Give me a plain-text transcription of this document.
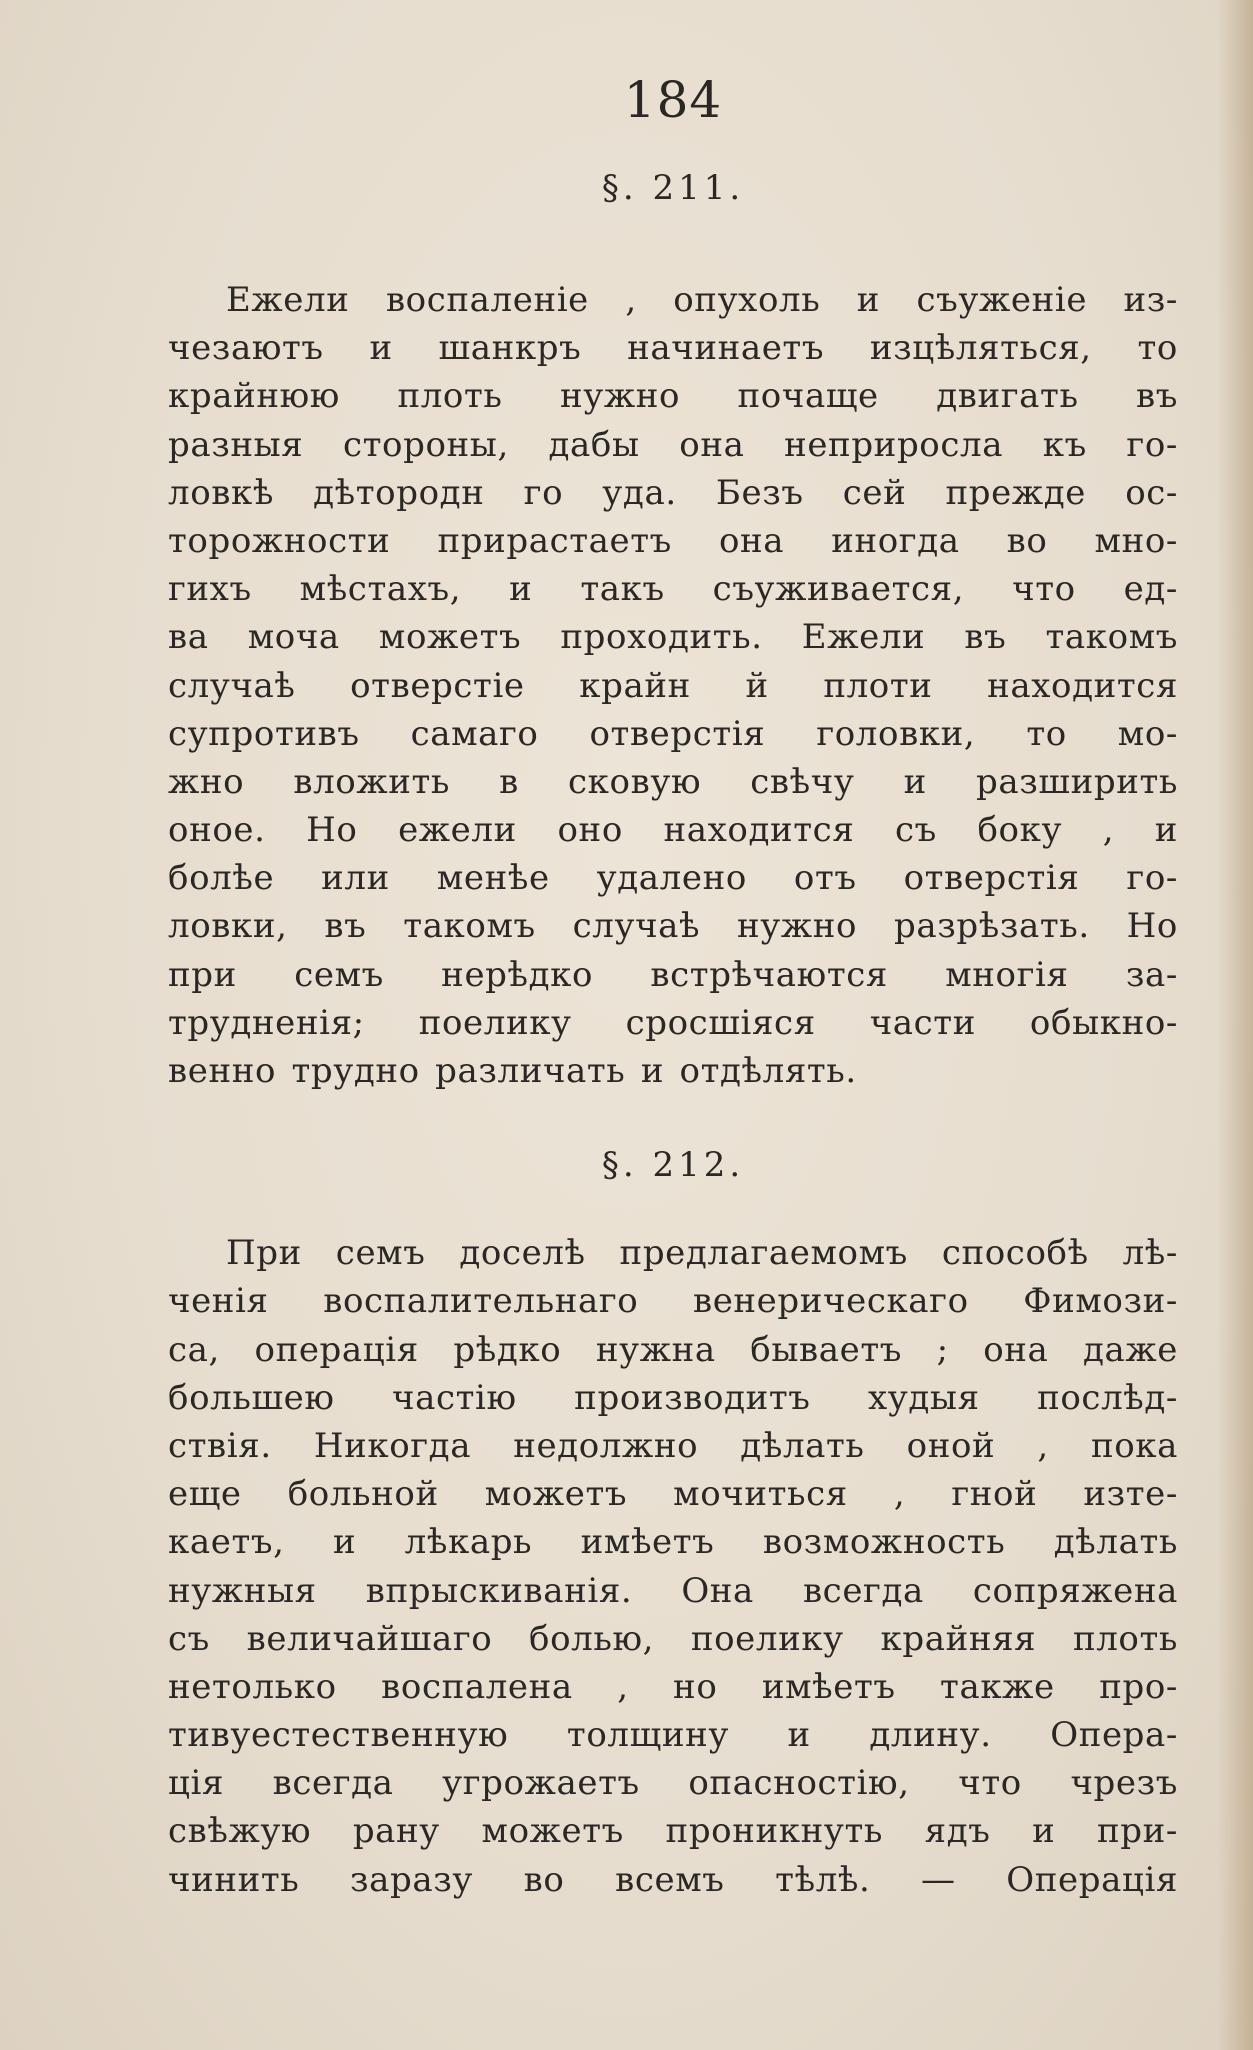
184
§. 211.
Ежели воспаленіе , опухоль и съуженіе из-
чезаютъ и шанкръ начинаетъ изцѣляться, то
крайнюю плоть нужно почаще двигать въ
разныя стороны, дабы она неприросла къ го-
ловкѣ дѣтородн го уда. Безъ сей прежде ос-
торожности прирастаетъ она иногда во мно-
гихъ мѣстахъ, и такъ съуживается, что ед-
ва моча можетъ проходить. Ежели въ такомъ
случаѣ отверстіе крайн й плоти находится
супротивъ самаго отверстія головки, то мо-
жно вложить в сковую свѣчу и разширить
оное. Но ежели оно находится съ боку , и
болѣе или менѣе удалено отъ отверстія го-
ловки, въ такомъ случаѣ нужно разрѣзать. Но
при семъ нерѣдко встрѣчаются многія за-
трудненія; поелику сросшіяся части обыкно-
венно трудно различать и отдѣлять.
§. 212.
При семъ доселѣ предлагаемомъ способѣ лѣ-
ченія воспалительнаго венерическаго Фимози-
са, операція рѣдко нужна бываетъ ; она даже
большею частію производитъ худыя послѣд-
ствія. Никогда недолжно дѣлать оной , пока
еще больной можетъ мочиться , гной изте-
каетъ, и лѣкарь имѣетъ возможность дѣлать
нужныя впрыскиванія. Она всегда сопряжена
съ величайшаго болью, поелику крайняя плоть
нетолько воспалена , но имѣетъ также про-
тивуестественную толщину и длину. Опера-
ція всегда угрожаетъ опасностію, что чрезъ
свѣжую рану можетъ проникнуть ядъ и при-
чинить заразу во всемъ тѣлѣ. — Операція
